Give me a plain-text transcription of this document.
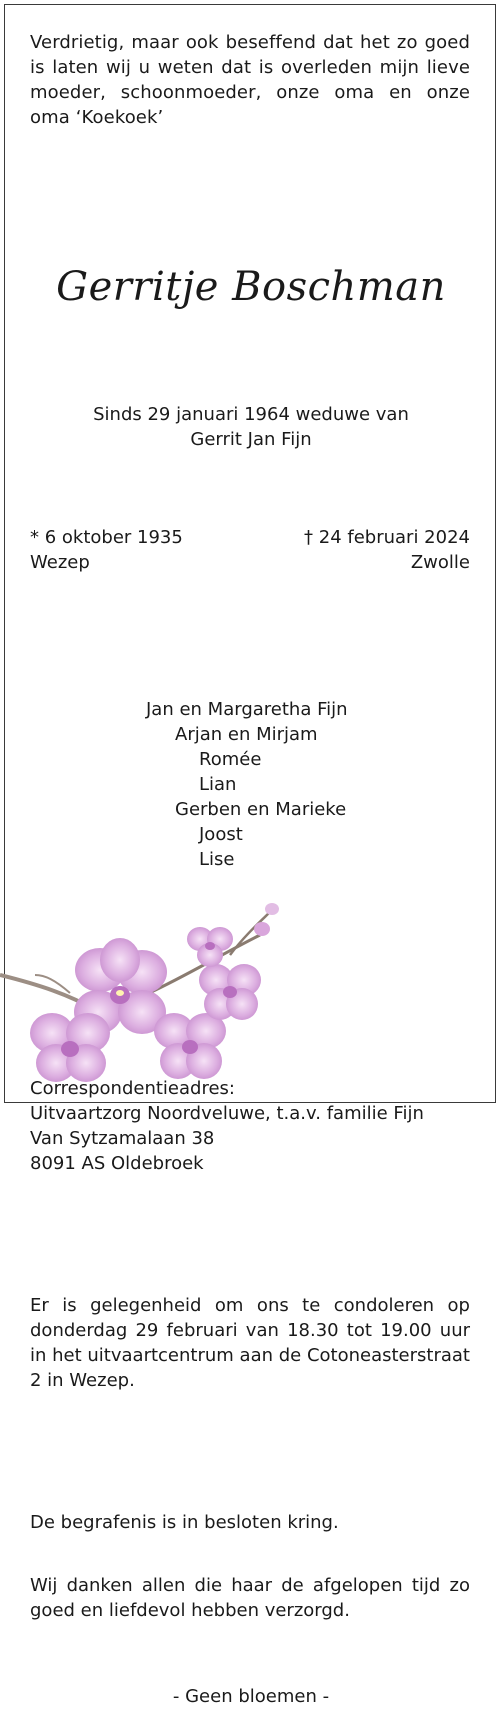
Verdrietig, maar ook beseffend dat het zo goed is laten wij u weten dat is overleden mijn lieve moeder, schoonmoeder, onze oma en onze oma ‘Koekoek’
Gerritje Boschman
Sinds 29 januari 1964 weduwe van
Gerrit Jan Fijn
* 6 oktober 1935	† 24 februari 2024
Wezep	Zwolle
Jan en Margaretha Fijn
Arjan en Mirjam
Romée
Lian
Gerben en Marieke
Joost
Lise
Correspondentieadres:
Uitvaartzorg Noordveluwe, t.a.v. familie Fijn
Van Sytzamalaan 38
8091 AS Oldebroek
Er is gelegenheid om ons te condoleren op donderdag 29 februari van 18.30 tot 19.00 uur in het uitvaartcentrum aan de Cotoneasterstraat 2 in Wezep.
De begrafenis is in besloten kring.
Wij danken allen die haar de afgelopen tijd zo goed en liefdevol hebben verzorgd.
- Geen bloemen -
